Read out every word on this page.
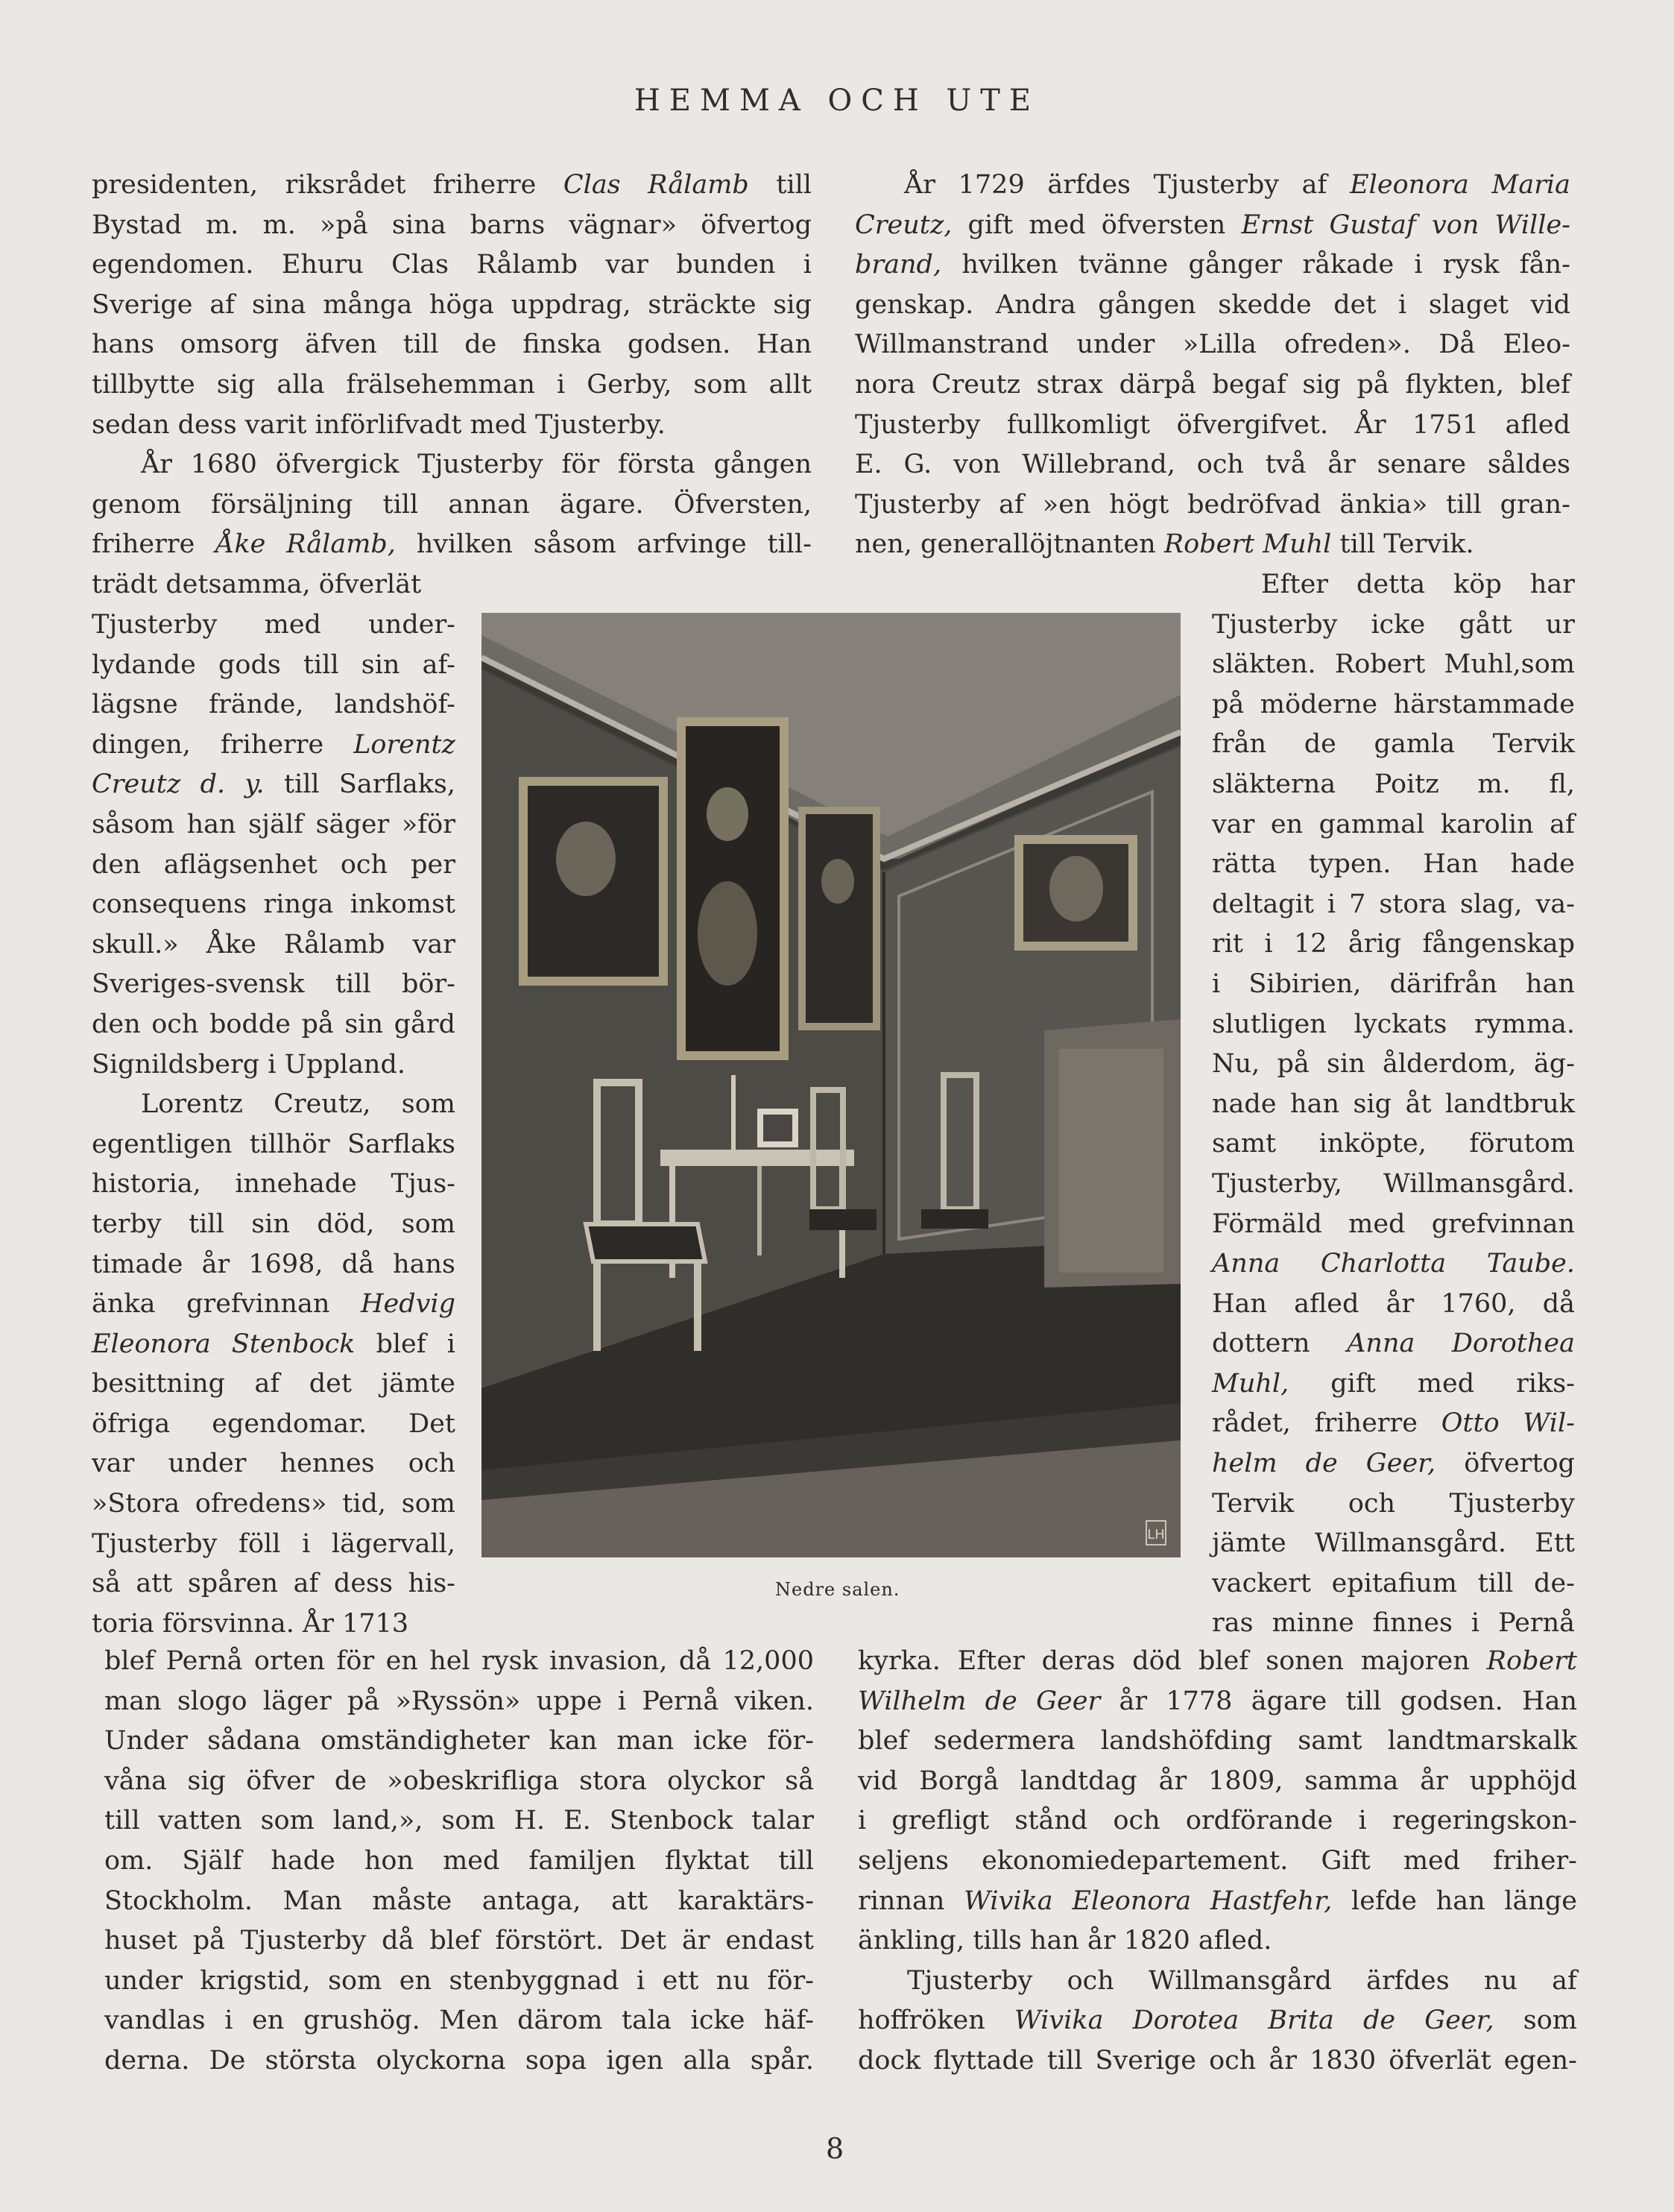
HEMMA OCH UTE
presidenten, riksrådet friherre Clas Rålamb till
Bystad m. m. »på sina barns vägnar» öfvertog
egendomen. Ehuru Clas Rålamb var bunden i
Sverige af sina många höga uppdrag, sträckte sig
hans omsorg äfven till de finska godsen. Han
tillbytte sig alla frälsehemman i Gerby, som allt
sedan dess varit införlifvadt med Tjusterby.
År 1680 öfvergick Tjusterby för första gången
genom försäljning till annan ägare. Öfversten,
friherre Åke Rålamb, hvilken såsom arfvinge till-
trädt detsamma, öfverlät
Tjusterby med under-
lydande gods till sin af-
lägsne frände, landshöf-
dingen, friherre Lorentz
Creutz d. y. till Sarflaks,
såsom han själf säger »för
den aflägsenhet och per
consequens ringa inkomst
skull.» Åke Rålamb var
Sveriges-svensk till bör-
den och bodde på sin gård
Signildsberg i Uppland.
Lorentz Creutz, som
egentligen tillhör Sarflaks
historia, innehade Tjus-
terby till sin död, som
timade år 1698, då hans
änka grefvinnan Hedvig
Eleonora Stenbock blef i
besittning af det jämte
öfriga egendomar. Det
var under hennes och
»Stora ofredens» tid, som
Tjusterby föll i lägervall,
så att spåren af dess his-
toria försvinna. År 1713
blef Pernå orten för en hel rysk invasion, då 12,000
man slogo läger på »Ryssön» uppe i Pernå viken.
Under sådana omständigheter kan man icke för-
våna sig öfver de »obeskrifliga stora olyckor så
till vatten som land,», som H. E. Stenbock talar
om. Själf hade hon med familjen flyktat till
Stockholm. Man måste antaga, att karaktärs-
huset på Tjusterby då blef förstört. Det är endast
under krigstid, som en stenbyggnad i ett nu för-
vandlas i en grushög. Men därom tala icke häf-
derna. De största olyckorna sopa igen alla spår.
År 1729 ärfdes Tjusterby af Eleonora Maria
Creutz, gift med öfversten Ernst Gustaf von Wille-
brand, hvilken tvänne gånger råkade i rysk fån-
genskap. Andra gången skedde det i slaget vid
Willmanstrand under »Lilla ofreden». Då Eleo-
nora Creutz strax därpå begaf sig på flykten, blef
Tjusterby fullkomligt öfvergifvet. År 1751 afled
E. G. von Willebrand, och två år senare såldes
Tjusterby af »en högt bedröfvad änkia» till gran-
nen, generallöjtnanten Robert Muhl till Tervik.
Efter detta köp har
Tjusterby icke gått ur
släkten. Robert Muhl,som
på möderne härstammade
från de gamla Tervik
släkterna Poitz m. fl,
var en gammal karolin af
rätta typen. Han hade
deltagit i 7 stora slag, va-
rit i 12 årig fångenskap
i Sibirien, därifrån han
slutligen lyckats rymma.
Nu, på sin ålderdom, äg-
nade han sig åt landtbruk
samt inköpte, förutom
Tjusterby, Willmansgård.
Förmäld med grefvinnan
Anna Charlotta Taube.
Han afled år 1760, då
dottern Anna Dorothea
Muhl, gift med riks-
rådet, friherre Otto Wil-
helm de Geer, öfvertog
Tervik och Tjusterby
jämte Willmansgård. Ett
vackert epitafium till de-
ras minne finnes i Pernå
kyrka. Efter deras död blef sonen majoren Robert
Wilhelm de Geer år 1778 ägare till godsen. Han
blef sedermera landshöfding samt landtmarskalk
vid Borgå landtdag år 1809, samma år upphöjd
i grefligt stånd och ordförande i regeringskon-
seljens ekonomiedepartement. Gift med friher-
rinnan Wivika Eleonora Hastfehr, lefde han länge
änkling, tills han år 1820 afled.
Tjusterby och Willmansgård ärfdes nu af
hoffröken Wivika Dorotea Brita de Geer, som
dock flyttade till Sverige och år 1830 öfverlät egen-
LH
Nedre salen.
8
